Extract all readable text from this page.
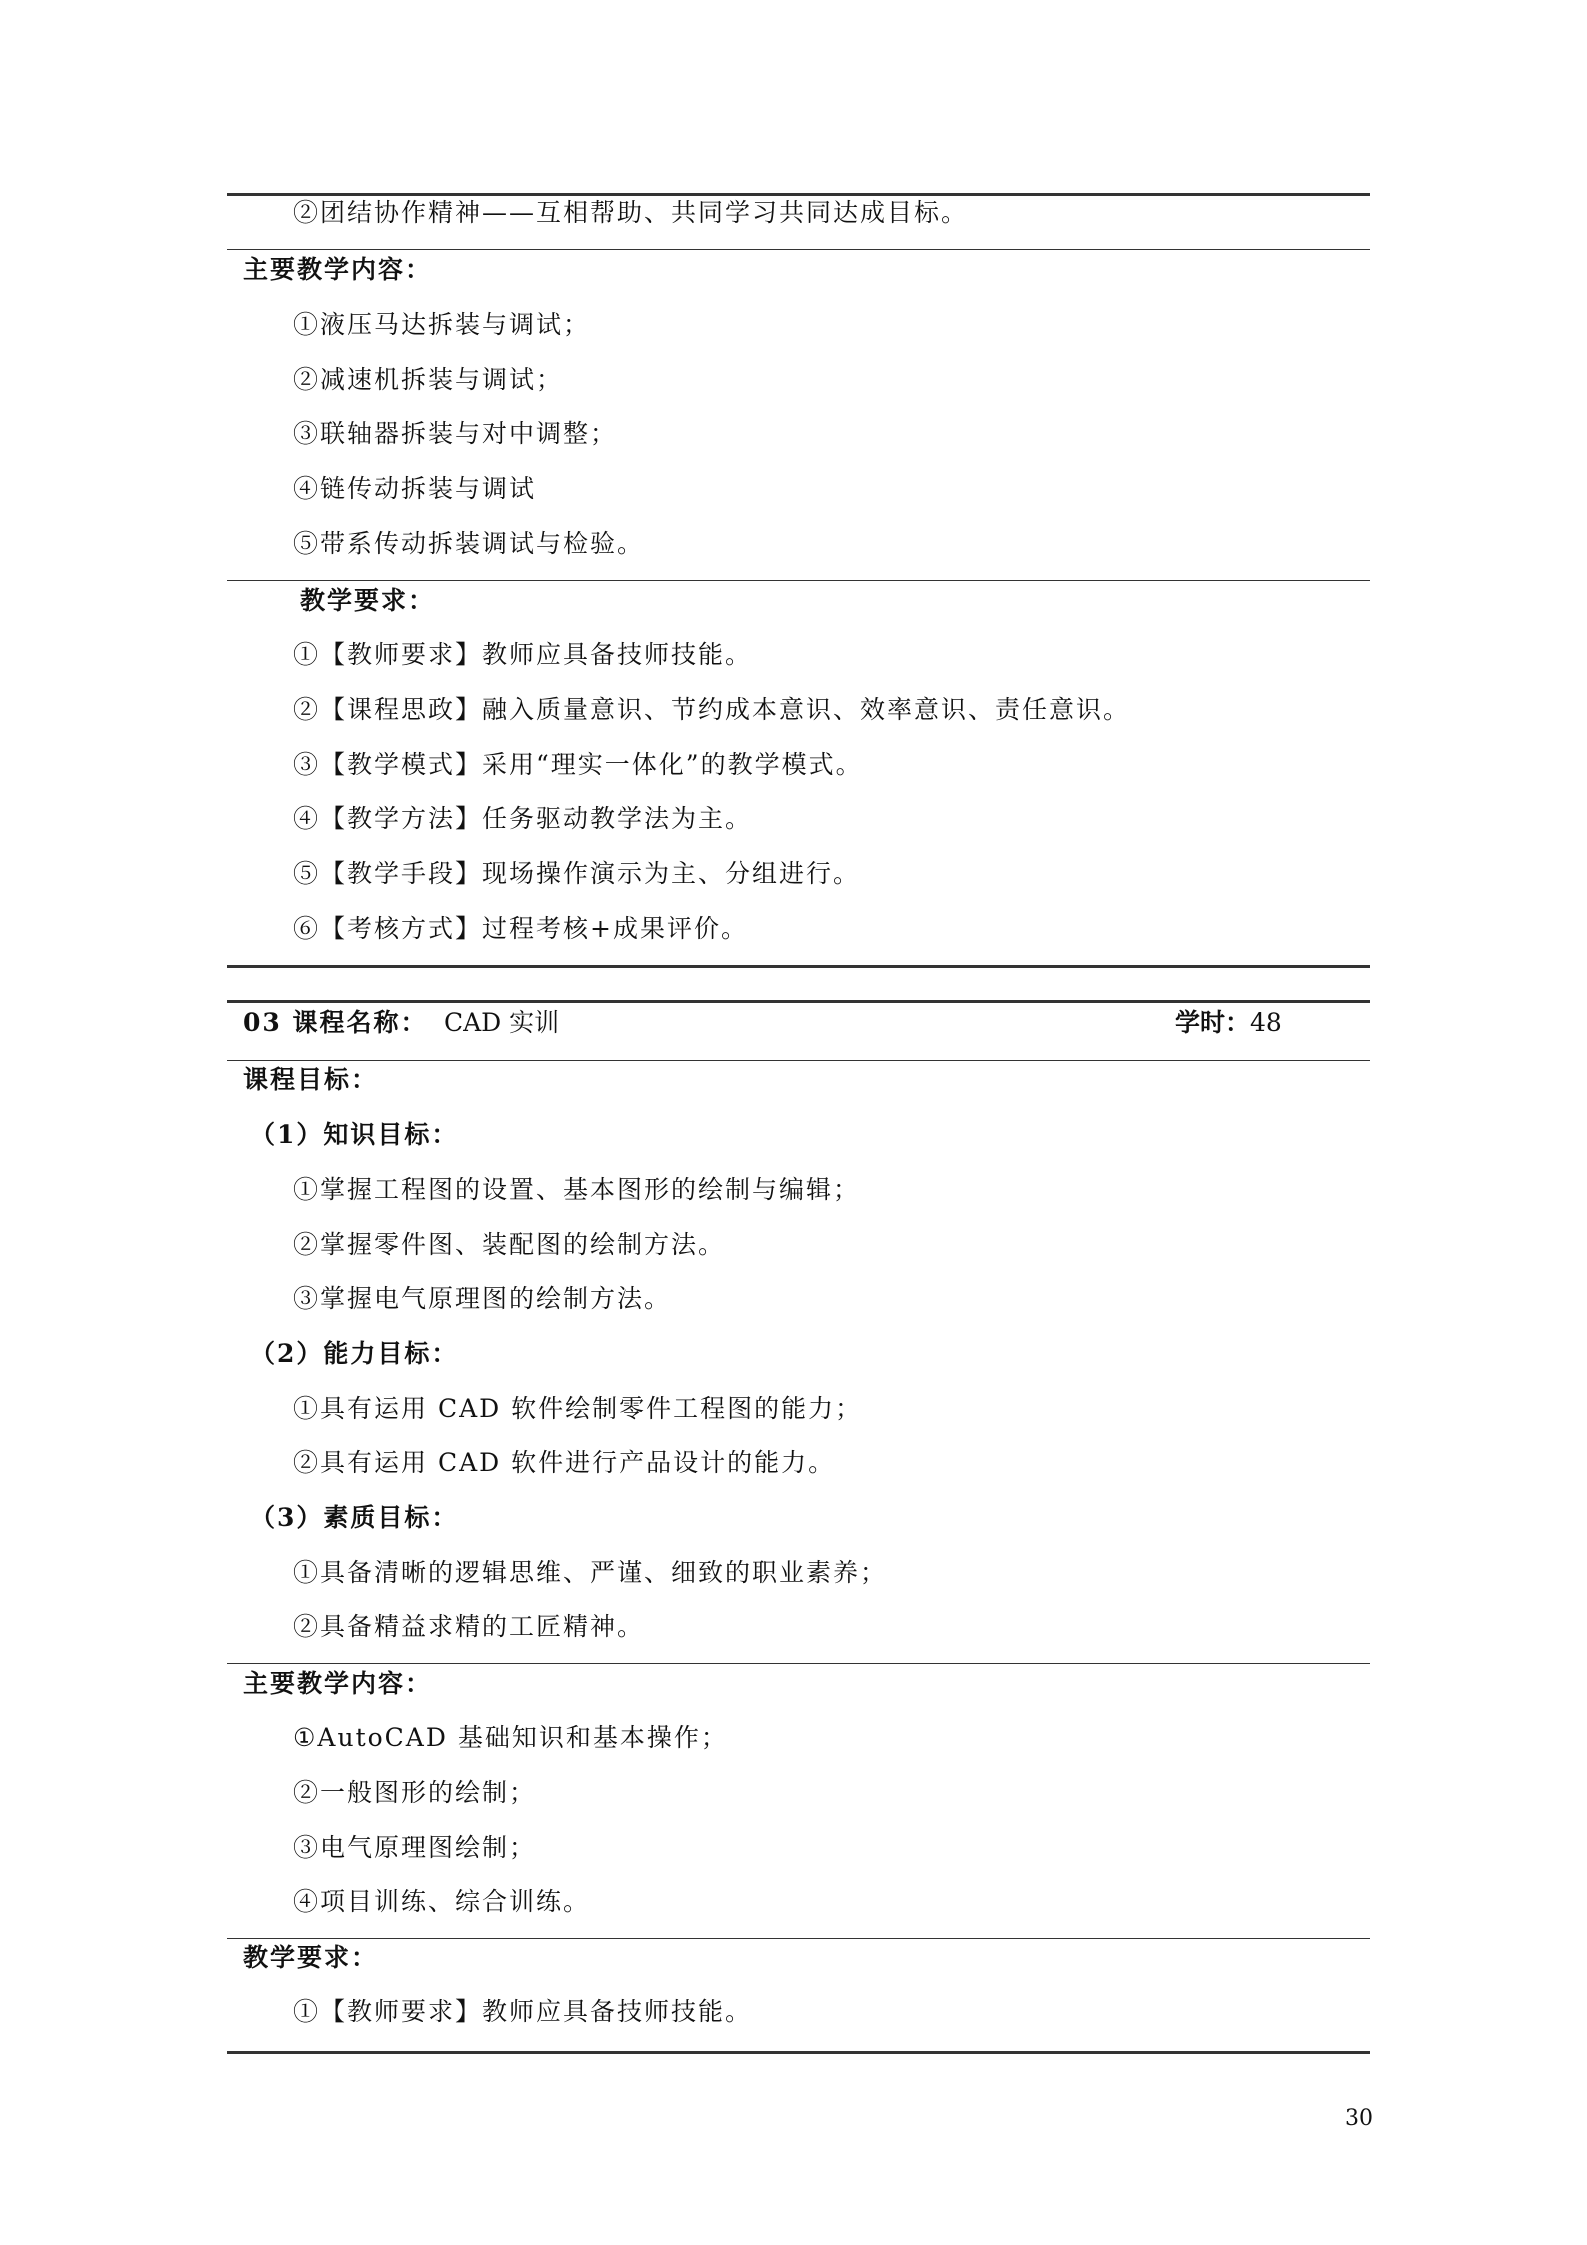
②团结协作精神——互相帮助、共同学习共同达成目标。
主要教学内容：
①液压马达拆装与调试；
②减速机拆装与调试；
③联轴器拆装与对中调整；
④链传动拆装与调试
⑤带系传动拆装调试与检验。
教学要求：
①【教师要求】教师应具备技师技能。
②【课程思政】融入质量意识、节约成本意识、效率意识、责任意识。
③【教学模式】采用“理实一体化”的教学模式。
④【教学方法】任务驱动教学法为主。
⑤【教学手段】现场操作演示为主、分组进行。
⑥【考核方式】过程考核+成果评价。
03 课程名称： CAD 实训	学时：48
课程目标：
（1）知识目标：
①掌握工程图的设置、基本图形的绘制与编辑；
②掌握零件图、装配图的绘制方法。
③掌握电气原理图的绘制方法。
（2）能力目标：
①具有运用 CAD 软件绘制零件工程图的能力；
②具有运用 CAD 软件进行产品设计的能力。
（3）素质目标：
①具备清晰的逻辑思维、严谨、细致的职业素养；
②具备精益求精的工匠精神。
主要教学内容：
①AutoCAD 基础知识和基本操作；
②一般图形的绘制；
③电气原理图绘制；
④项目训练、综合训练。
教学要求：
①【教师要求】教师应具备技师技能。
30
